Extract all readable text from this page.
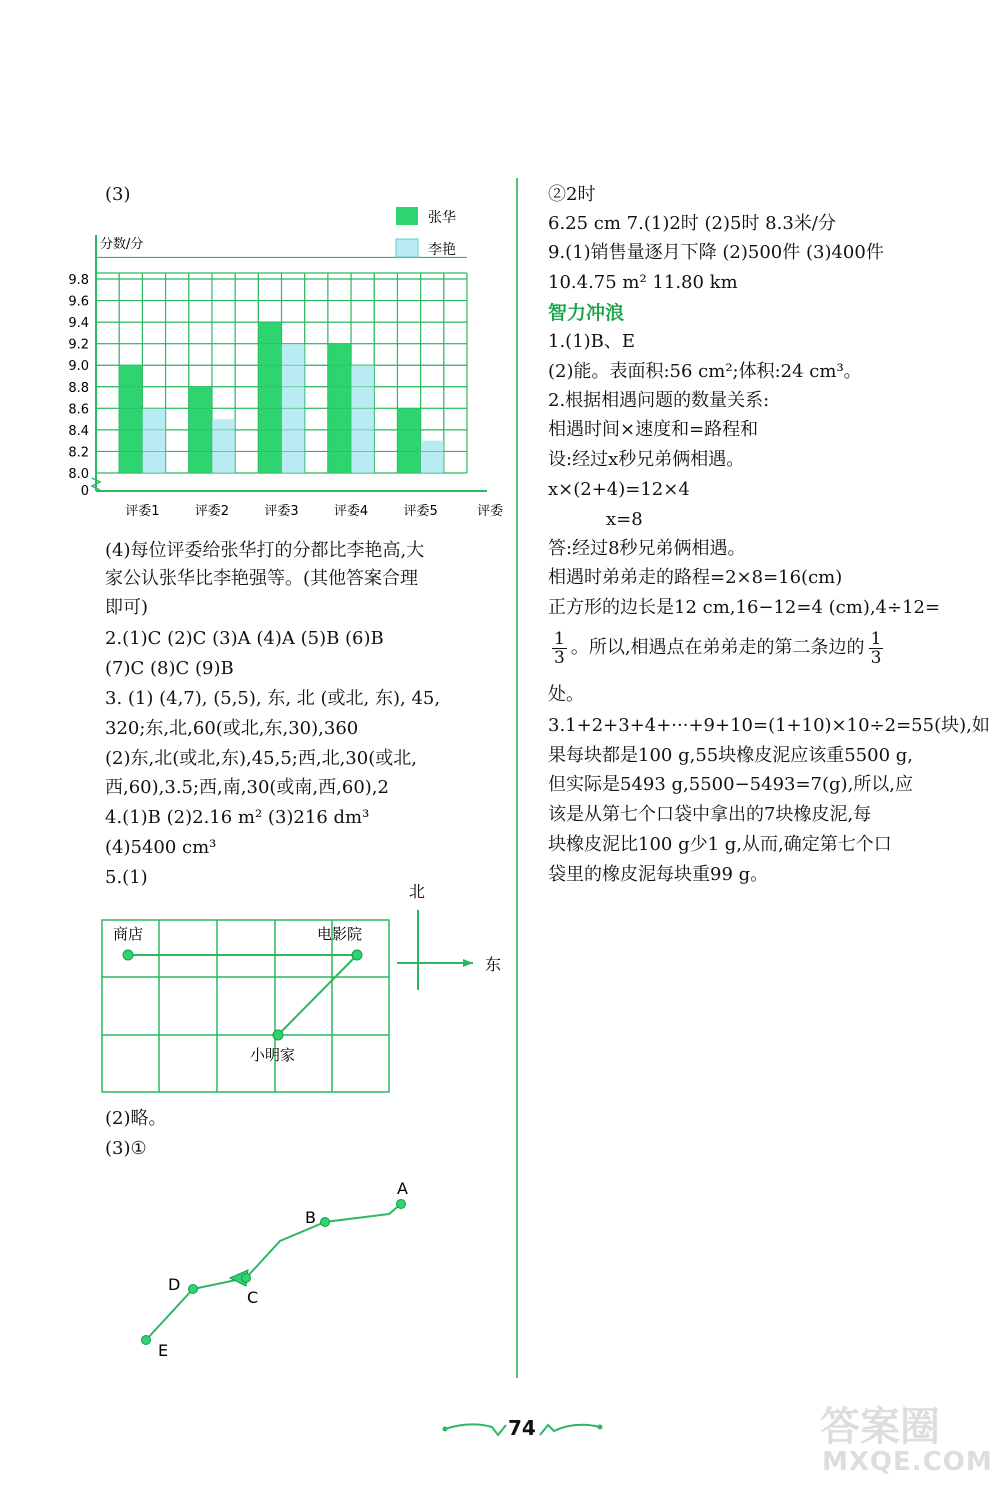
(3)
0
8.0
8.2
8.4
8.6
8.8
9.0
9.2
9.4
9.6
9.8
评委1	评委2	评委3	评委4	评委5	评委
分数/分
张华
李艳
(4)每位评委给张华打的分都比李艳高,大
家公认张华比李艳强等。(其他答案合理
即可)
2.(1)C (2)C (3)A (4)A (5)B (6)B
(7)C (8)C (9)B
3. (1) (4,7), (5,5), 东, 北 (或北, 东), 45,
320;东,北,60(或北,东,30),360
(2)东,北(或北,东),45,5;西,北,30(或北,
西,60),3.5;西,南,30(或南,西,60),2
4.(1)B (2)2.16 m² (3)216 dm³
(4)5400 cm³
5.(1)
商店	电影院
小明家
北
东
(2)略。
(3)①
A
B
C
D
E
②2时
6.25 cm 7.(1)2时 (2)5时 8.3米/分
9.(1)销售量逐月下降 (2)500件 (3)400件
10.4.75 m² 11.80 km
智力冲浪
1.(1)B、E
(2)能。表面积:56 cm²;体积:24 cm³。
2.根据相遇问题的数量关系:
相遇时间×速度和=路程和
设:经过x秒兄弟俩相遇。
x×(2+4)=12×4
x=8
答:经过8秒兄弟俩相遇。
相遇时弟弟走的路程=2×8=16(cm)
正方形的边长是12 cm,16−12=4 (cm),4÷12=
$\frac{1}{3}$ 。所以,相遇点在弟弟走的第二条边的 $\frac{1}{3}$
处。
3.1+2+3+4+···+9+10=(1+10)×10÷2=55(块),如
果每块都是100 g,55块橡皮泥应该重5500 g,
但实际是5493 g,5500−5493=7(g),所以,应
该是从第七个口袋中拿出的7块橡皮泥,每
块橡皮泥比100 g少1 g,从而,确定第七个口
袋里的橡皮泥每块重99 g。
74	答案圈
MXQE.COM
